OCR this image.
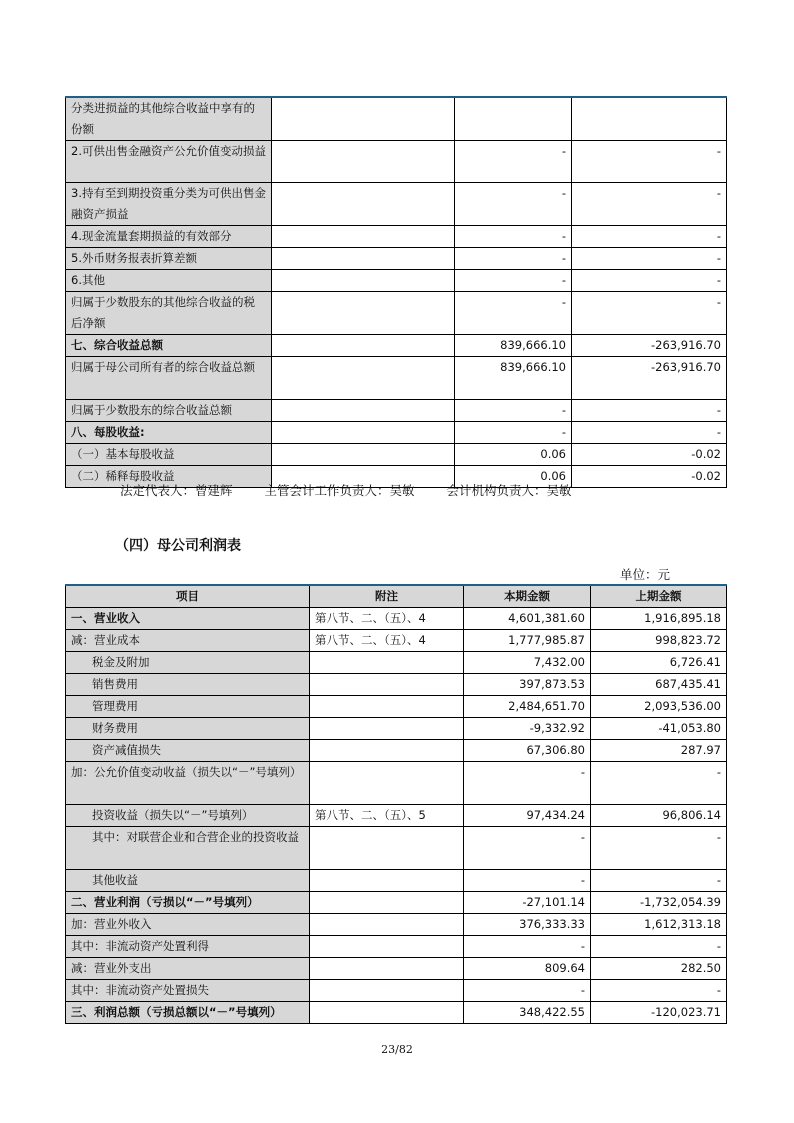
分类进损益的其他综合收益中享有的份额			
2.可供出售金融资产公允价值变动损益		-	-
3.持有至到期投资重分类为可供出售金融资产损益		-	-
4.现金流量套期损益的有效部分		-	-
5.外币财务报表折算差额		-	-
6.其他		-	-
归属于少数股东的其他综合收益的税后净额		-	-
七、综合收益总额		839,666.10	-263,916.70
归属于母公司所有者的综合收益总额		839,666.10	-263,916.70
归属于少数股东的综合收益总额		-	-
八、每股收益:		-	-
（一）基本每股收益		0.06	-0.02
（二）稀释每股收益		0.06	-0.02
法定代表人：曾建辉	主管会计工作负责人：吴敏	会计机构负责人：吴敏
（四）母公司利润表
单位：元
项目	附注	本期金额	上期金额
一、营业收入	第八节、二、（五）、4	4,601,381.60	1,916,895.18
减：营业成本	第八节、二、（五）、4	1,777,985.87	998,823.72
税金及附加		7,432.00	6,726.41
销售费用		397,873.53	687,435.41
管理费用		2,484,651.70	2,093,536.00
财务费用		-9,332.92	-41,053.80
资产减值损失		67,306.80	287.97
加：公允价值变动收益（损失以“－”号填列）		-	-
投资收益（损失以“－”号填列）	第八节、二、（五）、5	97,434.24	96,806.14
其中：对联营企业和合营企业的投资收益		-	-
其他收益		-	-
二、营业利润（亏损以“－”号填列）		-27,101.14	-1,732,054.39
加：营业外收入		376,333.33	1,612,313.18
其中：非流动资产处置利得		-	-
减：营业外支出		809.64	282.50
其中：非流动资产处置损失		-	-
三、利润总额（亏损总额以“－”号填列）		348,422.55	-120,023.71
23/82
